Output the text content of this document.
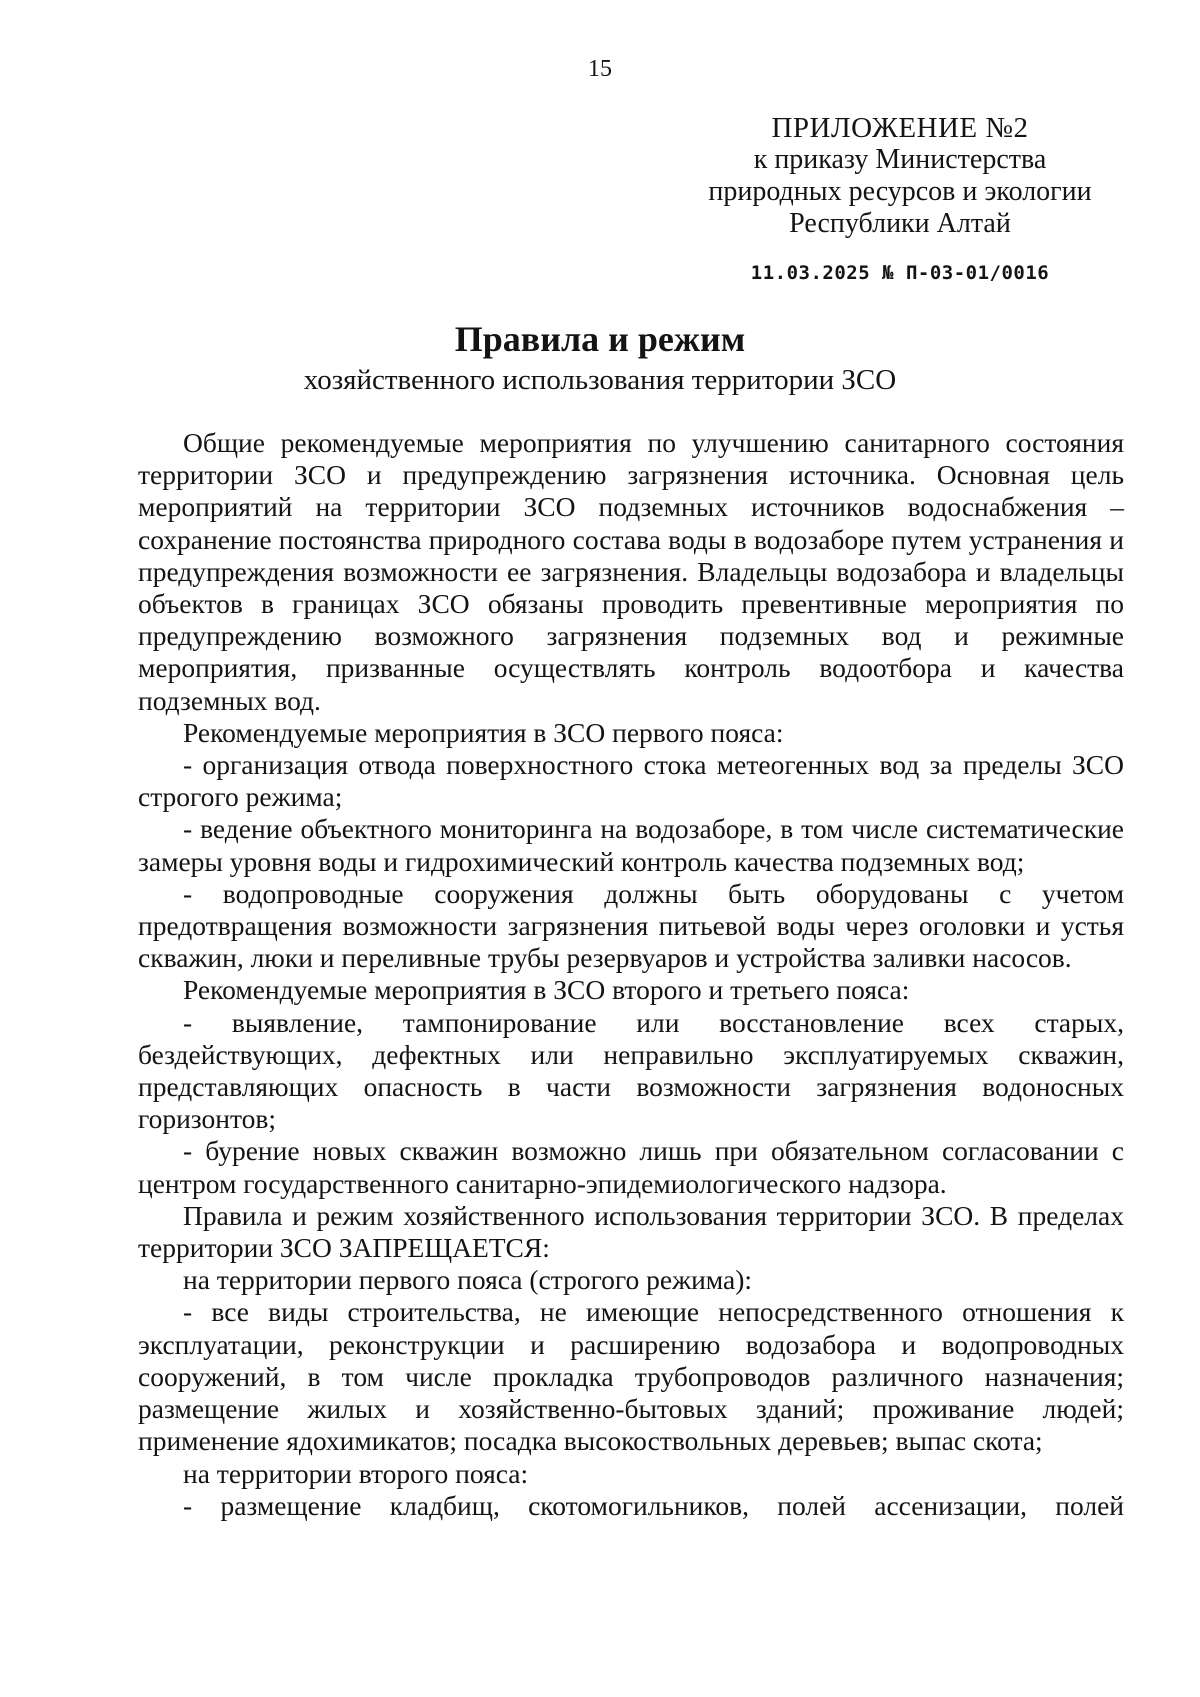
15
ПРИЛОЖЕНИЕ №2
к приказу Министерства
природных ресурсов и экологии
Республики Алтай
11.03.2025 № П-03-01/0016
Правила и режим
хозяйственного использования территории ЗСО

Общие рекомендуемые мероприятия по улучшению санитарного состояния территории ЗСО и предупреждению загрязнения источника. Основная цель мероприятий на территории ЗСО подземных источников водоснабжения – сохранение постоянства природного состава воды в водозаборе путем устранения и предупреждения возможности ее загрязнения. Владельцы водозабора и владельцы объектов в границах ЗСО обязаны проводить превентивные мероприятия по предупреждению возможного загрязнения подземных вод и режимные мероприятия, призванные осуществлять контроль водоотбора и качества подземных вод.

Рекомендуемые мероприятия в ЗСО первого пояса:

- организация отвода поверхностного стока метеогенных вод за пределы ЗСО строгого режима;

- ведение объектного мониторинга на водозаборе, в том числе систематические замеры уровня воды и гидрохимический контроль качества подземных вод;

- водопроводные сооружения должны быть оборудованы с учетом предотвращения возможности загрязнения питьевой воды через оголовки и устья скважин, люки и переливные трубы резервуаров и устройства заливки насосов.

Рекомендуемые мероприятия в ЗСО второго и третьего пояса:

- выявление, тампонирование или восстановление всех старых, бездействующих, дефектных или неправильно эксплуатируемых скважин, представляющих опасность в части возможности загрязнения водоносных горизонтов;

- бурение новых скважин возможно лишь при обязательном согласовании с центром государственного санитарно-эпидемиологического надзора.

Правила и режим хозяйственного использования территории ЗСО. В пределах территории ЗСО ЗАПРЕЩАЕТСЯ:

на территории первого пояса (строгого режима):

- все виды строительства, не имеющие непосредственного отношения к эксплуатации, реконструкции и расширению водозабора и водопроводных сооружений, в том числе прокладка трубопроводов различного назначения; размещение жилых и хозяйственно-бытовых зданий; проживание людей; применение ядохимикатов; посадка высокоствольных деревьев; выпас скота;

на территории второго пояса:

- размещение кладбищ, скотомогильников, полей ассенизации, полей
